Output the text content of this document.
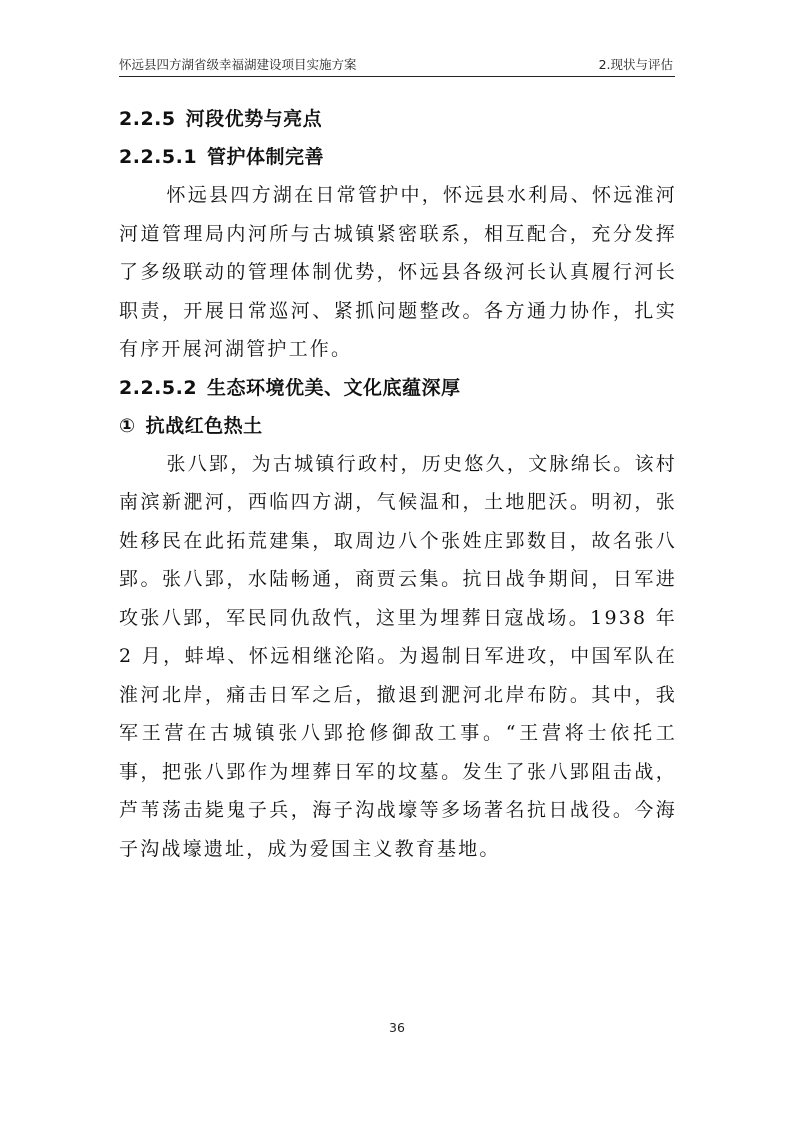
怀远县四方湖省级幸福湖建设项目实施方案	2.现状与评估
2.2.5 河段优势与亮点
2.2.5.1 管护体制完善

怀远县四方湖在日常管护中，怀远县水利局、怀远淮河河道管理局内河所与古城镇紧密联系，相互配合，充分发挥了多级联动的管理体制优势，怀远县各级河长认真履行河长职责，开展日常巡河、紧抓问题整改。各方通力协作，扎实有序开展河湖管护工作。

2.2.5.2 生态环境优美、文化底蕴深厚
① 抗战红色热土

张八郢，为古城镇行政村，历史悠久，文脉绵长。该村南滨新淝河，西临四方湖，气候温和，土地肥沃。明初，张姓移民在此拓荒建集，取周边八个张姓庄郢数目，故名张八郢。张八郢，水陆畅通，商贾云集。抗日战争期间，日军进攻张八郢，军民同仇敌忾，这里为埋葬日寇战场。1938 年 2 月，蚌埠、怀远相继沦陷。为遏制日军进攻，中国军队在淮河北岸，痛击日军之后，撤退到淝河北岸布防。其中，我军王营在古城镇张八郢抢修御敌工事。“王营将士依托工事，把张八郢作为埋葬日军的坟墓。发生了张八郢阻击战，芦苇荡击毙鬼子兵，海子沟战壕等多场著名抗日战役。今海子沟战壕遗址，成为爱国主义教育基地。

36
